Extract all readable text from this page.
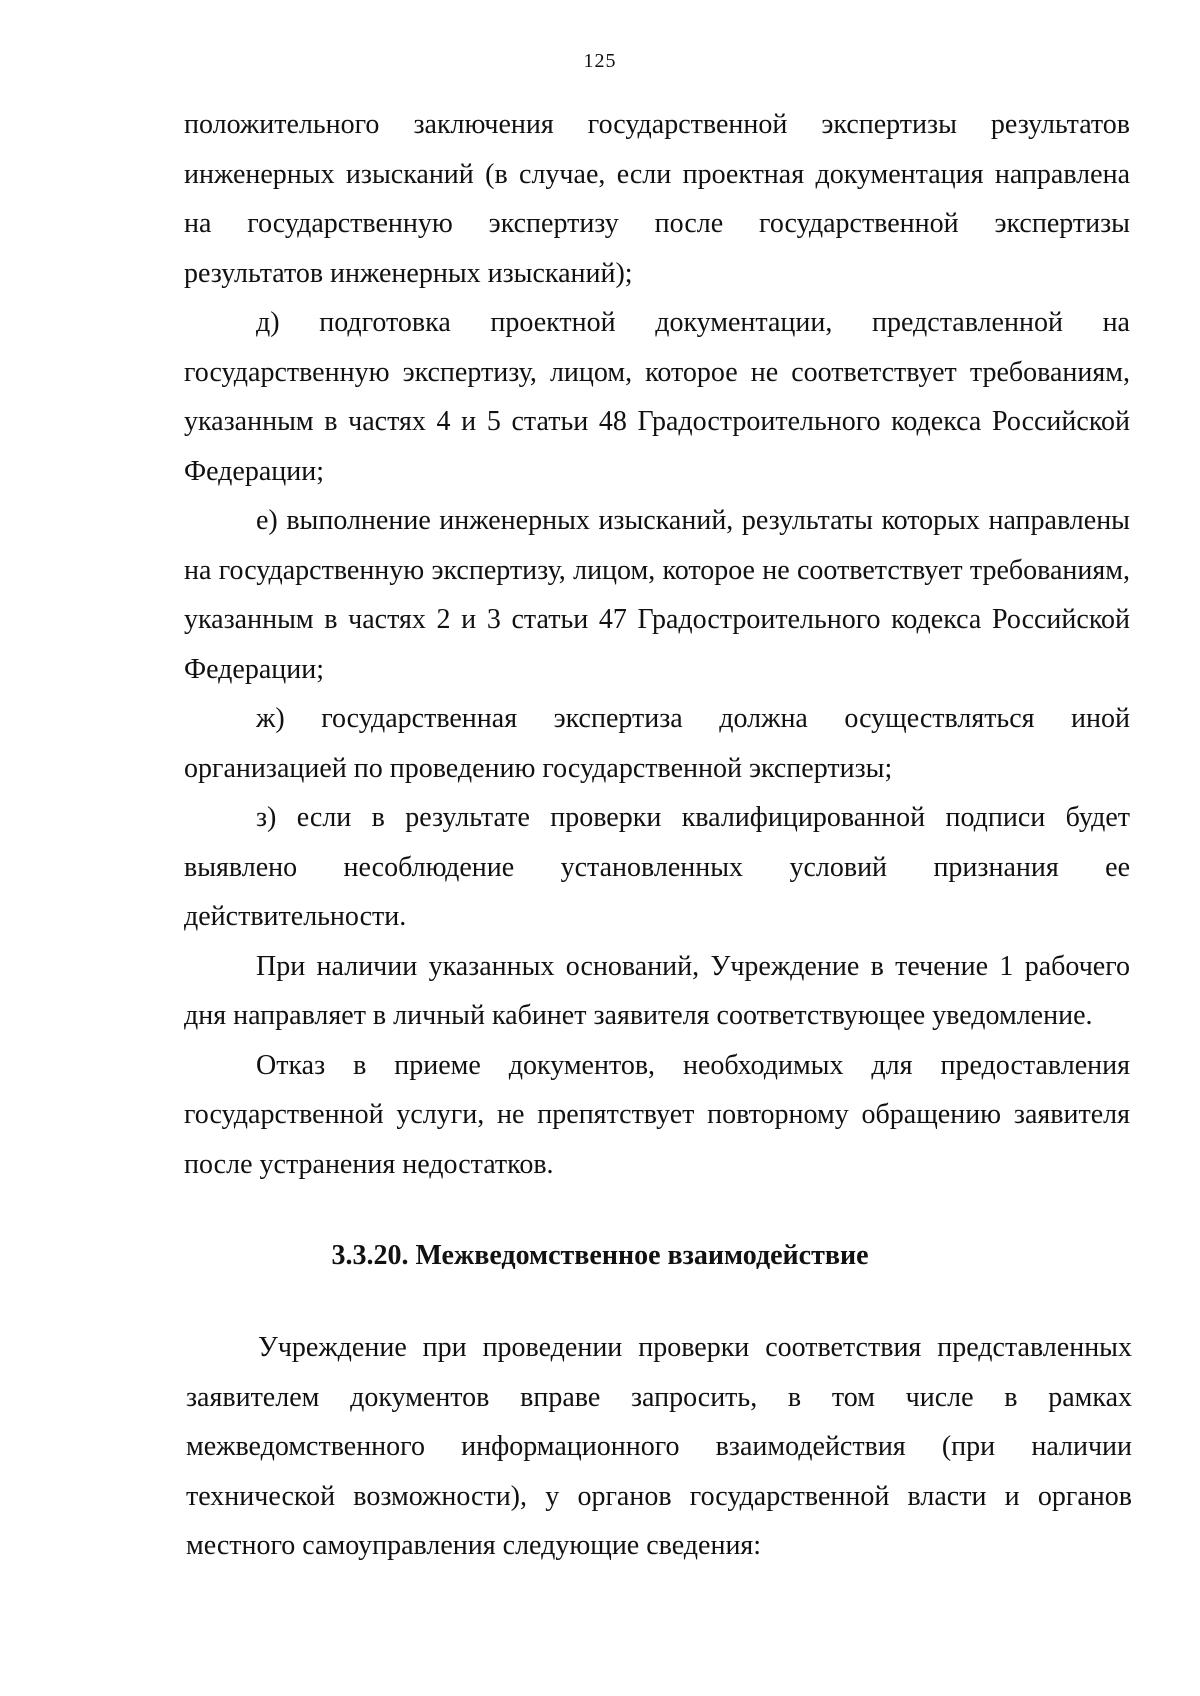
125

положительного заключения государственной экспертизы результатов инженерных изысканий (в случае, если проектная документация направлена на государственную экспертизу после государственной экспертизы результатов инженерных изысканий);

д) подготовка проектной документации, представленной на государственную экспертизу, лицом, которое не соответствует требованиям, указанным в частях 4 и 5 статьи 48 Градостроительного кодекса Российской Федерации;

е) выполнение инженерных изысканий, результаты которых направлены на государственную экспертизу, лицом, которое не соответствует требованиям, указанным в частях 2 и 3 статьи 47 Градостроительного кодекса Российской Федерации;

ж) государственная экспертиза должна осуществляться иной организацией по проведению государственной экспертизы;

з) если в результате проверки квалифицированной подписи будет выявлено несоблюдение установленных условий признания ее действительности.

При наличии указанных оснований, Учреждение в течение 1 рабочего дня направляет в личный кабинет заявителя соответствующее уведомление.

Отказ в приеме документов, необходимых для предоставления государственной услуги, не препятствует повторному обращению заявителя после устранения недостатков.

3.3.20. Межведомственное взаимодействие

Учреждение при проведении проверки соответствия представленных заявителем документов вправе запросить, в том числе в рамках межведомственного информационного взаимодействия (при наличии технической возможности), у органов государственной власти и органов местного самоуправления следующие сведения:
